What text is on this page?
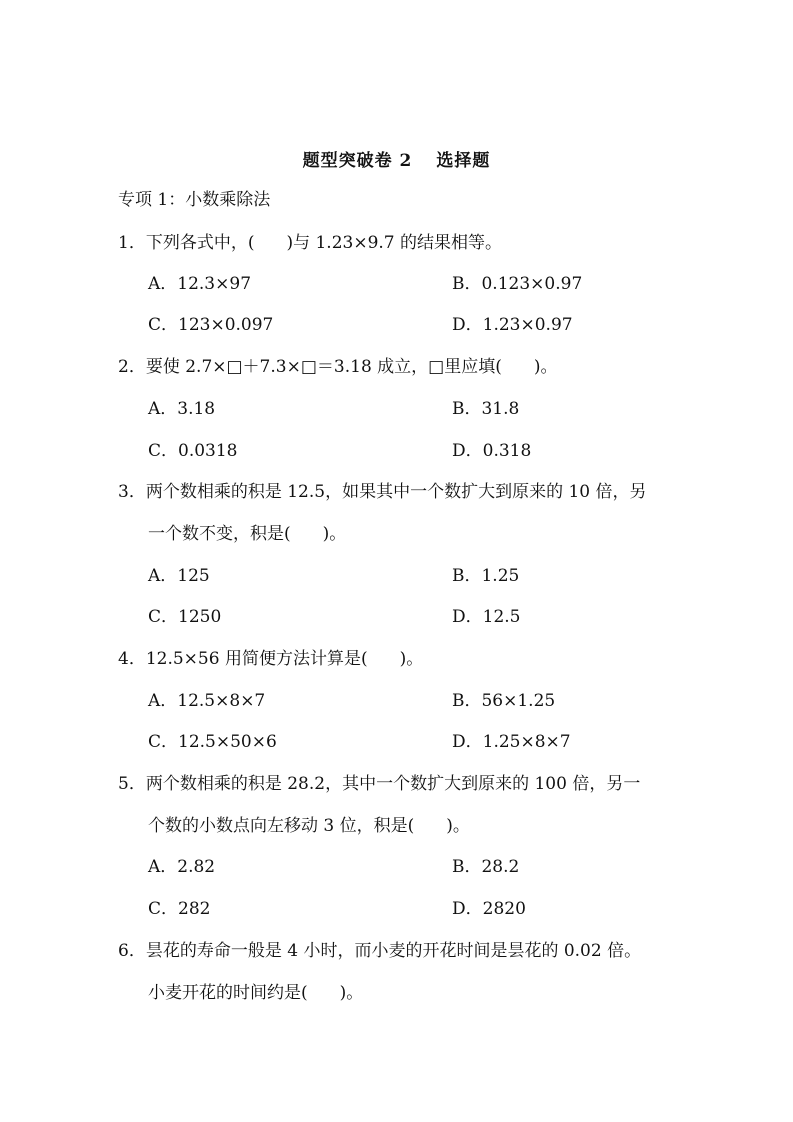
题型突破卷 2 选择题
专项 1：小数乘除法
1．下列各式中，( )与 1.23×9.7 的结果相等。
A．12.3×97	B．0.123×0.97
C．123×0.097	D．1.23×0.97
2．要使 2.7×□＋7.3×□＝3.18 成立，□里应填( )。
A．3.18	B．31.8
C．0.0318	D．0.318
3．两个数相乘的积是 12.5，如果其中一个数扩大到原来的 10 倍，另
一个数不变，积是( )。
A．125	B．1.25
C．1250	D．12.5
4．12.5×56 用简便方法计算是( )。
A．12.5×8×7	B．56×1.25
C．12.5×50×6	D．1.25×8×7
5．两个数相乘的积是 28.2，其中一个数扩大到原来的 100 倍，另一
个数的小数点向左移动 3 位，积是( )。
A．2.82	B．28.2
C．282	D．2820
6．昙花的寿命一般是 4 小时，而小麦的开花时间是昙花的 0.02 倍。
小麦开花的时间约是( )。
